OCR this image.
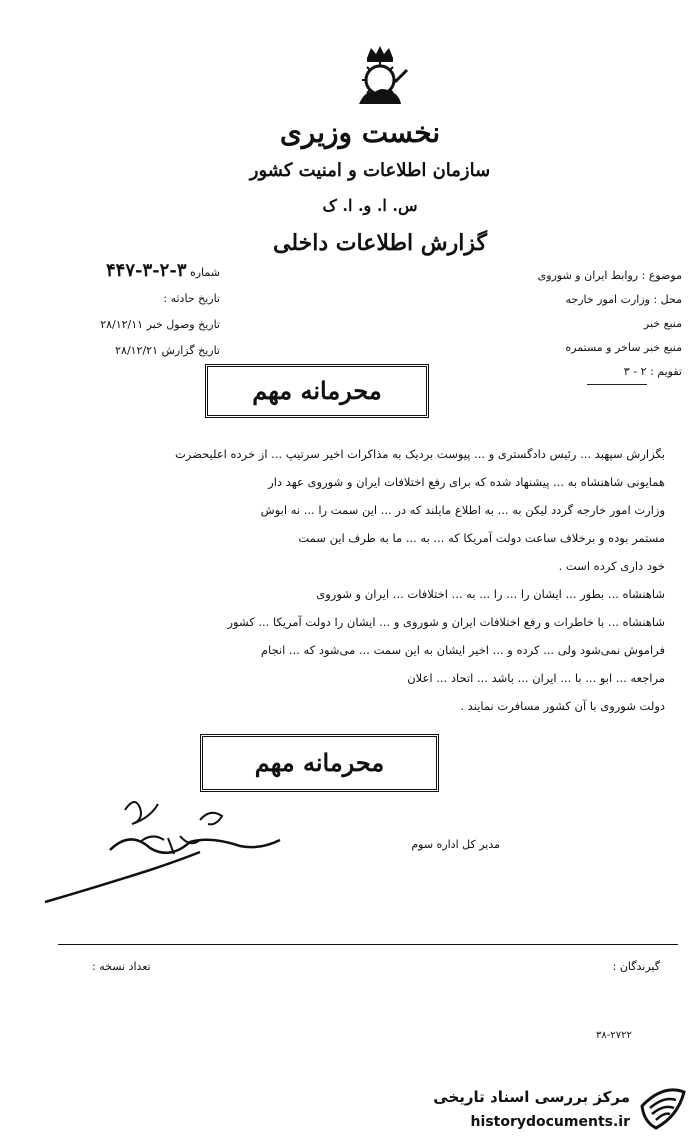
نخست وزیری
سازمان اطلاعات و امنیت کشور
س. ا. و. ا. ک
گزارش اطلاعات داخلی
شماره ۳-۲-۳-۴۴۷
تاریخ حادثه :
تاریخ وصول خبر ۲۸/۱۲/۱۱
تاریخ گزارش ۲۸/۱۲/۲۱
موضوع : روابط ایران و شوروی
محل : وزارت امور خارجه
منبع خبر
منبع خبر ساخر و مستمره
تقویم : ۲ - ۳
محرمانه مهم

بگزارش سپهبد ... رئیس دادگستری و ... پیوست بردیک به مذاکرات اخیر سرتیپ ... از خرده اعلیحضرت

همایونی شاهنشاه به ... پیشنهاد شده که برای رفع اختلافات ایران و شوروی عهد دار

وزارت امور خارجه گردد لیکن به ... به اطلاع مایلند که در ... این سمت را ... نه ابوش

مستمر بوده و برخلاف ساعت دولت آمریکا که ... به ... ما به طرف این سمت

خود داری کرده است .

شاهنشاه ... بطور ... ایشان را ... را ... به ... اختلافات ... ایران و شوروی

شاهنشاه ... با خاطرات و رفع اختلافات ایران و شوروی و ... ایشان را دولت آمریکا ... کشور

فراموش نمی‌شود ولی ... کرده و ... اخیر ایشان به این سمت ... می‌شود که ... انجام

مراجعه ... ابو ... با ... ایران ... باشد ... اتحاد ... اعلان

دولت شوروی با آن کشور مسافرت نمایند .

محرمانه مهم
مدیر کل اداره سوم
گیرندگان :
تعداد نسخه :
۳۸-۲۷۲۲
مرکز بررسی اسناد تاریخی
historydocuments.ir
